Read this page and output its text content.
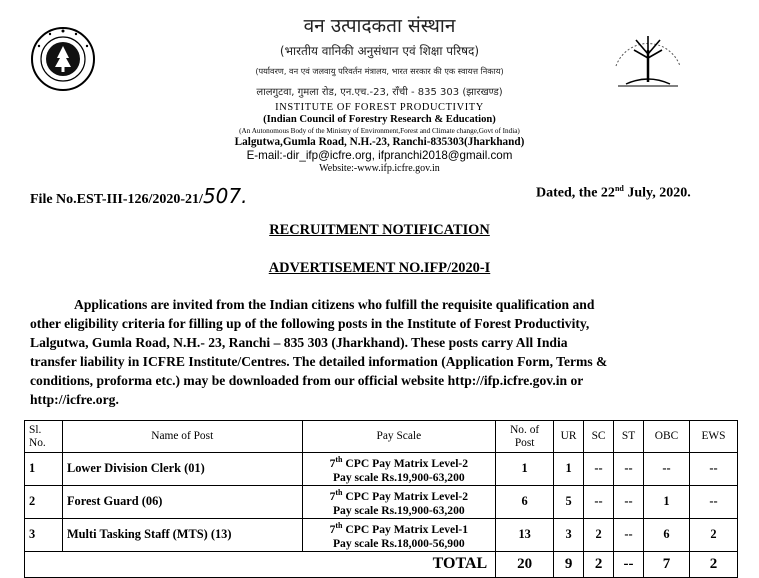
वन उत्पादकता संस्थान
(भारतीय वानिकी अनुसंधान एवं शिक्षा परिषद)
(पर्यावरण, वन एवं जलवायु परिवर्तन मंत्रालय, भारत सरकार की एक स्वायत्त निकाय)
लालगुटवा, गुमला रोड, एन.एच.-23, राँची - 835 303 (झारखण्ड)
INSTITUTE OF FOREST PRODUCTIVITY
(Indian Council of Forestry Research & Education)
(An Autonomous Body of the Ministry of Environment,Forest and Climate change,Govt of India)
Lalgutwa,Gumla Road, N.H.-23, Ranchi-835303(Jharkhand)
E-mail:-dir_ifp@icfre.org, ifpranchi2018@gmail.com
Website:-www.ifp.icfre.gov.in
File No.EST-III-126/2020-21/507.	Dated, the 22nd July, 2020.
RECRUITMENT NOTIFICATION
ADVERTISEMENT NO.IFP/2020-I
Applications are invited from the Indian citizens who fulfill the requisite qualification and
other eligibility criteria for filling up of the following posts in the Institute of Forest Productivity,
Lalgutwa, Gumla Road, N.H.- 23, Ranchi – 835 303 (Jharkhand). These posts carry All India
transfer liability in ICFRE Institute/Centres. The detailed information (Application Form, Terms &
conditions, proforma etc.) may be downloaded from our official website http://ifp.icfre.gov.in or
http://icfre.org.
Sl. No.	Name of Post	Pay Scale	No. of Post	UR	SC	ST	OBC	EWS
1	Lower Division Clerk (01)	7th CPC Pay Matrix Level-2
Pay scale Rs.19,900-63,200	1	1	--	--	--	--
2	Forest Guard (06)	7th CPC Pay Matrix Level-2
Pay scale Rs.19,900-63,200	6	5	--	--	1	--
3	Multi Tasking Staff (MTS) (13)	7th CPC Pay Matrix Level-1
Pay scale Rs.18,000-56,900	13	3	2	--	6	2
TOTAL			20	9	2	--	7	2
